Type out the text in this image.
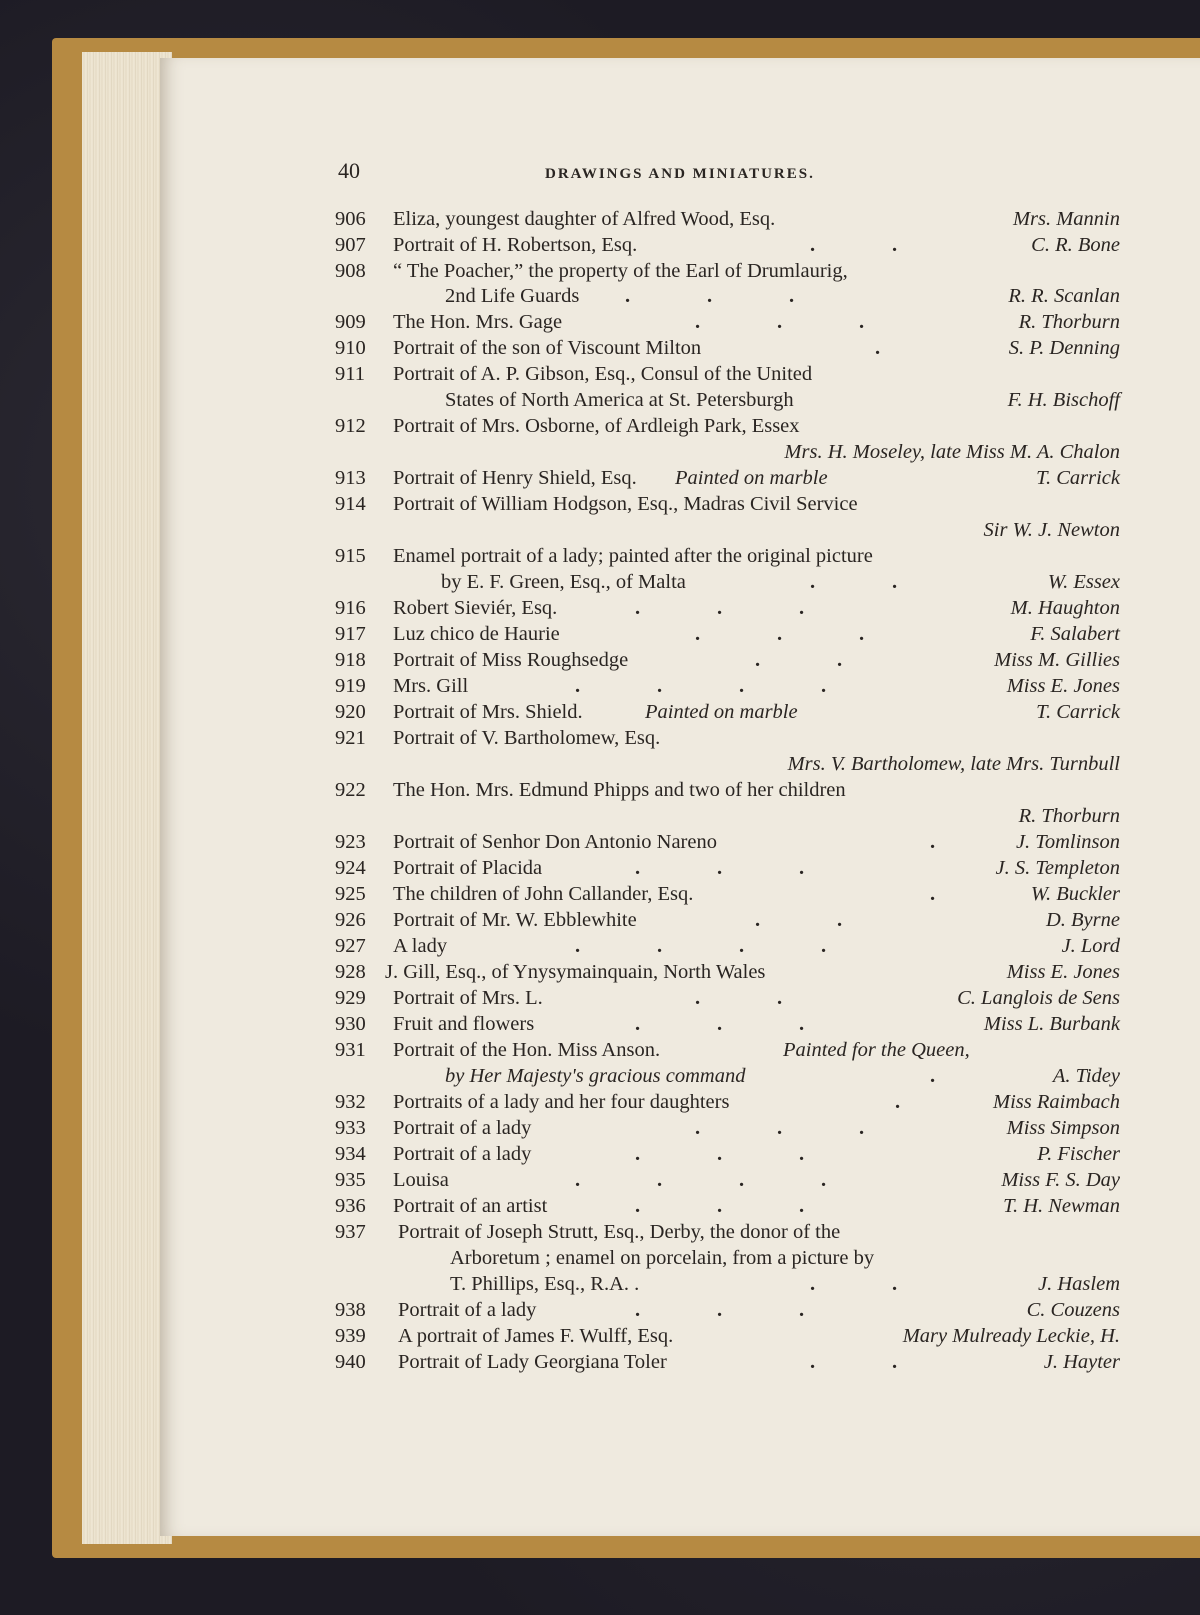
40	DRAWINGS AND MINIATURES.
906 Eliza, youngest daughter of Alfred Wood, Esq.	Mrs. Mannin
907 Portrait of H. Robertson, Esq.	.               .	C. R. Bone
908 “ The Poacher,” the property of the Earl of Drumlaurig,
2nd Life Guards .               .               .	R. R. Scanlan
909 The Hon. Mrs. Gage	.               .               .	R. Thorburn
910 Portrait of the son of Viscount Milton	.	S. P. Denning
911 Portrait of A. P. Gibson, Esq., Consul of the United
States of North America at St. Petersburgh	F. H. Bischoff
912 Portrait of Mrs. Osborne, of Ardleigh Park, Essex
Mrs. H. Moseley, late Miss M. A. Chalon
913 Portrait of Henry Shield, Esq. Painted on marble	T. Carrick
914 Portrait of William Hodgson, Esq., Madras Civil Service
Sir W. J. Newton
915 Enamel portrait of a lady; painted after the original picture
by E. F. Green, Esq., of Malta	.               .	W. Essex
916 Robert Sieviér, Esq.	.               .               .	M. Haughton
917 Luz chico de Haurie	.               .               .	F. Salabert
918 Portrait of Miss Roughsedge	.               .	Miss M. Gillies
919 Mrs. Gill	.               .               .               .	Miss E. Jones
920 Portrait of Mrs. Shield.	Painted on marble	T. Carrick
921 Portrait of V. Bartholomew, Esq.
Mrs. V. Bartholomew, late Mrs. Turnbull
922 The Hon. Mrs. Edmund Phipps and two of her children
R. Thorburn
923 Portrait of Senhor Don Antonio Nareno	.	J. Tomlinson
924 Portrait of Placida	.               .               .	J. S. Templeton
925 The children of John Callander, Esq.	.	W. Buckler
926 Portrait of Mr. W. Ebblewhite	.               .	D. Byrne
927 A lady	.               .               .               .	J. Lord
928 J. Gill, Esq., of Ynysymainquain, North Wales	Miss E. Jones
929 Portrait of Mrs. L.	.               .	C. Langlois de Sens
930 Fruit and flowers	.               .               .	Miss L. Burbank
931 Portrait of the Hon. Miss Anson.	Painted for the Queen,
by Her Majesty's gracious command	.	A. Tidey
932 Portraits of a lady and her four daughters	.	Miss Raimbach
933 Portrait of a lady	.               .               .	Miss Simpson
934 Portrait of a lady	.               .               .	P. Fischer
935 Louisa	.               .               .               .	Miss F. S. Day
936 Portrait of an artist	.               .               .	T. H. Newman
937 Portrait of Joseph Strutt, Esq., Derby, the donor of the
Arboretum ; enamel on porcelain, from a picture by
T. Phillips, Esq., R.A. .	.               .	J. Haslem
938 Portrait of a lady	.               .               .	C. Couzens
939 A portrait of James F. Wulff, Esq.	Mary Mulready Leckie, H.
940 Portrait of Lady Georgiana Toler	.               .	J. Hayter
